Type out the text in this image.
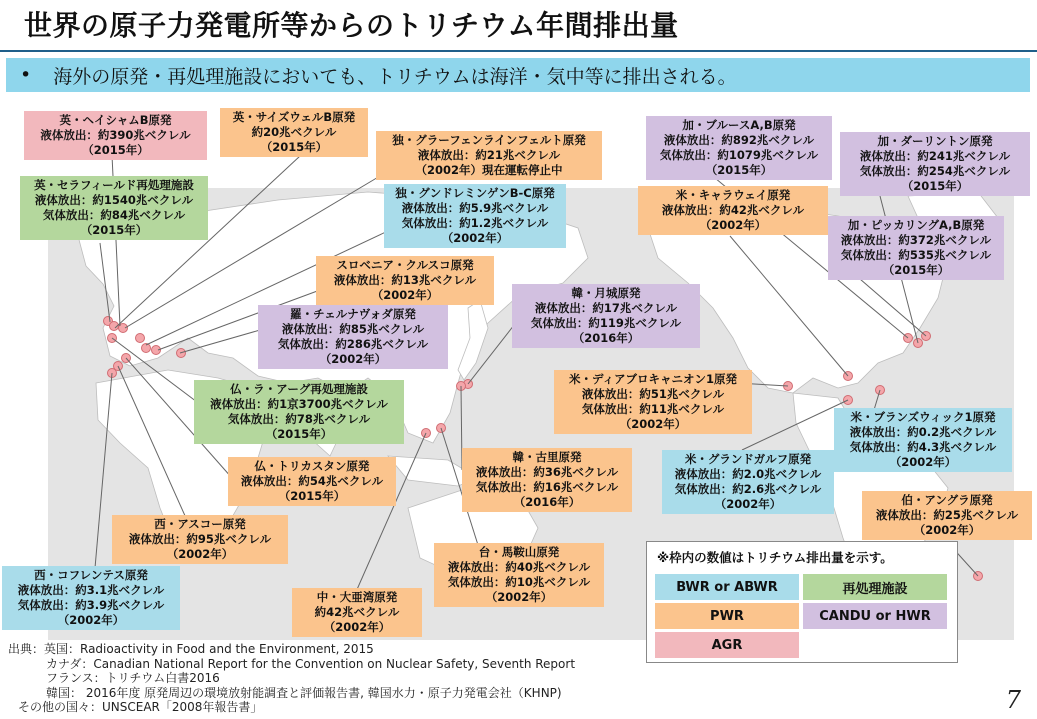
世界の原子力発電所等からのトリチウム年間排出量
• 海外の原発・再処理施設においても、トリチウムは海洋・気中等に排出される。
英・ヘイシャムB原発
液体放出：約390兆ベクレル
（2015年）
英・サイズウェルB原発
約20兆ベクレル
（2015年）	独・グラーフェンラインフェルト原発
液体放出：約21兆ベクレル
（2002年）現在運転停止中
英・セラフィールド再処理施設
液体放出：約1540兆ベクレル
気体放出：約84兆ベクレル
（2015年）
独・グンドレミンゲンB-C原発
液体放出：約5.9兆ベクレル
気体放出：約1.2兆ベクレル
（2002年）
スロベニア・クルスコ原発
液体放出：約13兆ベクレル
（2002年）
羅・チェルナヴォダ原発
液体放出：約85兆ベクレル
気体放出：約286兆ベクレル
（2002年）
韓・月城原発
液体放出：約17兆ベクレル
気体放出：約119兆ベクレル
（2016年）
仏・ラ・アーグ再処理施設
液体放出：約1京3700兆ベクレル
気体放出：約78兆ベクレル
（2015年）
仏・トリカスタン原発
液体放出：約54兆ベクレル
（2015年）
韓・古里原発
液体放出：約36兆ベクレル
気体放出：約16兆ベクレル
（2016年）
西・アスコー原発
液体放出：約95兆ベクレル
（2002年）
西・コフレンテス原発
液体放出：約3.1兆ベクレル
気体放出：約3.9兆ベクレル
（2002年）
中・大亜湾原発
約42兆ベクレル
（2002年）
台・馬鞍山原発
液体放出：約40兆ベクレル
気体放出：約10兆ベクレル
（2002年）
加・ブルースA,B原発
液体放出：約892兆ベクレル
気体放出：約1079兆ベクレル
（2015年）
加・ダーリントン原発
液体放出：約241兆ベクレル
気体放出：約254兆ベクレル
（2015年）
米・キャラウェイ原発
液体放出：約42兆ベクレル
（2002年）	加・ピッカリングA,B原発
液体放出：約372兆ベクレル
気体放出：約535兆ベクレル
（2015年）
米・ディアブロキャニオン1原発
液体放出：約51兆ベクレル
気体放出：約11兆ベクレル
（2002年）	米・ブランズウィック1原発
液体放出：約0.2兆ベクレル
気体放出：約4.3兆ベクレル
（2002年）
米・グランドガルフ原発
液体放出：約2.0兆ベクレル
気体放出：約2.6兆ベクレル
（2002年）	伯・アングラ原発
液体放出：約25兆ベクレル
（2002年）
※枠内の数値はトリチウム排出量を示す。
BWR or ABWR	再処理施設
PWR	CANDU or HWR
AGR
出典：英国：Radioactivity in Food and the Environment, 2015
カナダ：Canadian National Report for the Convention on Nuclear Safety, Seventh Report
フランス：トリチウム白書2016
韓国： 2016年度 原発周辺の環境放射能調査と評価報告書, 韓国水力・原子力発電会社（KHNP)
その他の国々：UNSCEAR「2008年報告書」	7
